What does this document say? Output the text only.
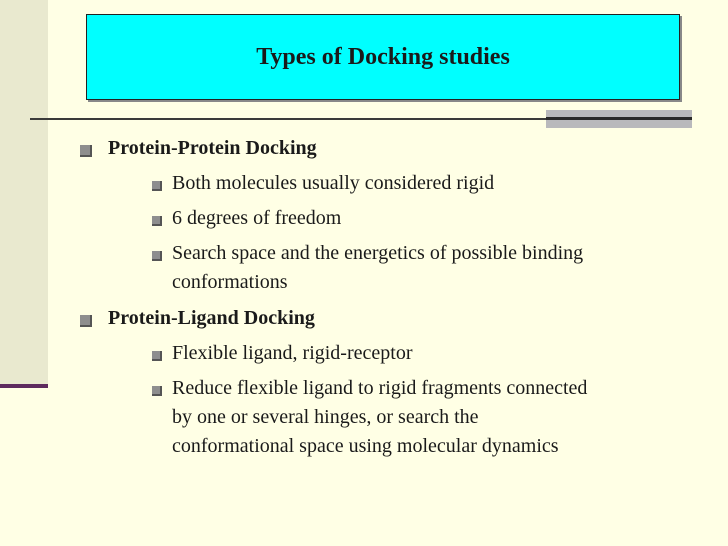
Types of Docking studies
Protein-Protein Docking
Both molecules usually considered rigid
6 degrees of freedom
Search space and the energetics of possible binding
conformations
Protein-Ligand Docking
Flexible ligand, rigid-receptor
Reduce flexible ligand to rigid fragments connected
by one or several hinges, or search the
conformational space using molecular dynamics
